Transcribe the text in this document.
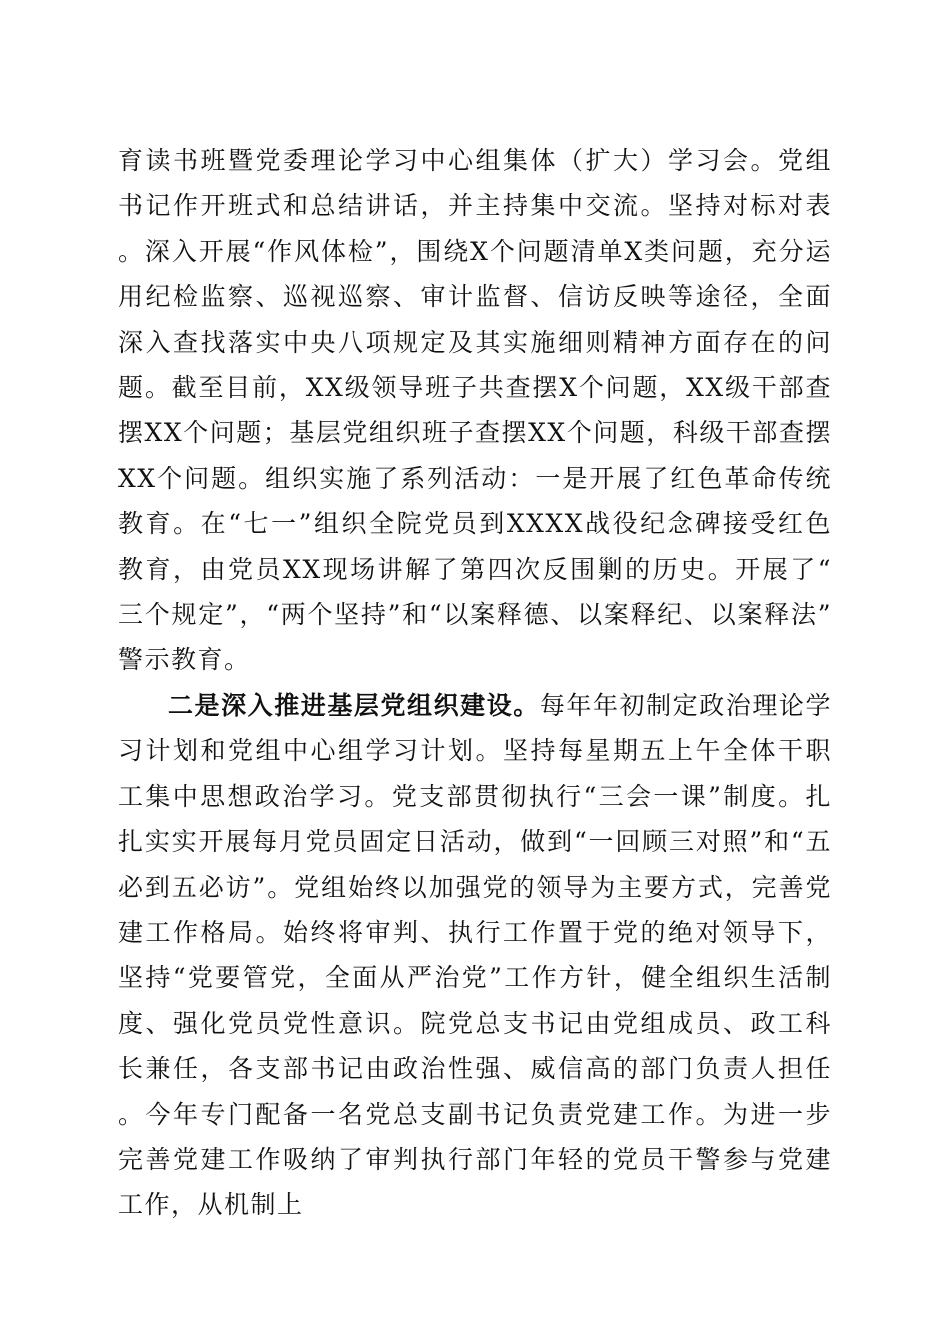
育读书班暨党委理论学习中心组集体（扩大）学习会。党组书记作开班式和总结讲话，并主持集中交流。坚持对标对表。深入开展“作风体检”，围绕X个问题清单X类问题，充分运用纪检监察、巡视巡察、审计监督、信访反映等途径，全面深入查找落实中央八项规定及其实施细则精神方面存在的问题。截至目前，XX级领导班子共查摆X个问题，XX级干部查摆XX个问题；基层党组织班子查摆XX个问题，科级干部查摆XX个问题。组织实施了系列活动：一是开展了红色革命传统教育。在“七一”组织全院党员到XXXX战役纪念碑接受红色教育，由党员XX现场讲解了第四次反围剿的历史。开展了“三个规定”，“两个坚持”和“以案释德、以案释纪、以案释法”警示教育。

二是深入推进基层党组织建设。每年年初制定政治理论学习计划和党组中心组学习计划。坚持每星期五上午全体干职工集中思想政治学习。党支部贯彻执行“三会一课”制度。扎扎实实开展每月党员固定日活动，做到“一回顾三对照”和“五必到五必访”。党组始终以加强党的领导为主要方式，完善党建工作格局。始终将审判、执行工作置于党的绝对领导下，坚持“党要管党，全面从严治党”工作方针，健全组织生活制度、强化党员党性意识。院党总支书记由党组成员、政工科长兼任，各支部书记由政治性强、威信高的部门负责人担任。今年专门配备一名党总支副书记负责党建工作。为进一步完善党建工作吸纳了审判执行部门年轻的党员干警参与党建工作，从机制上
